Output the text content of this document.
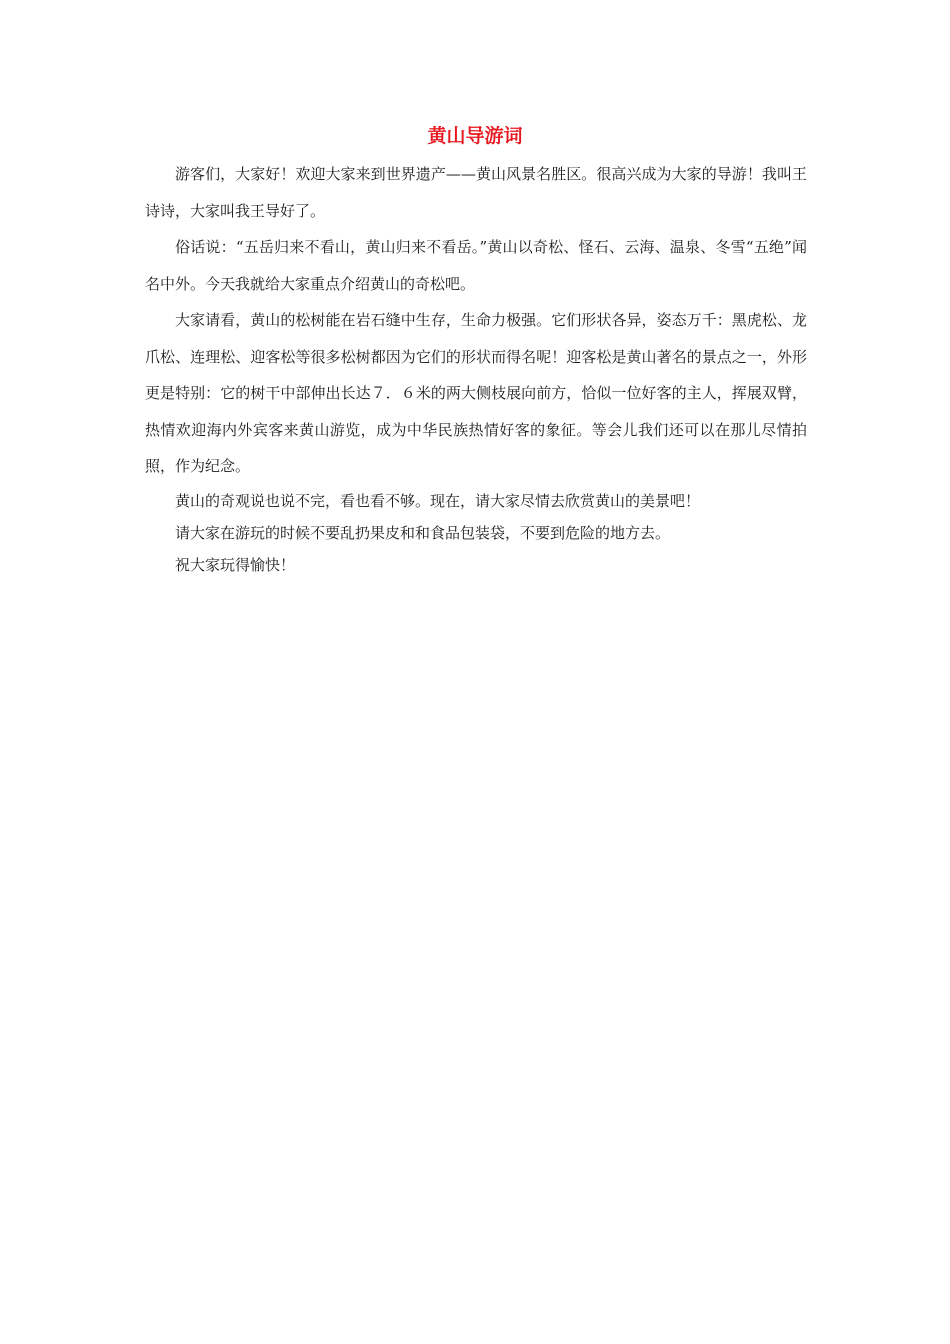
黄山导游词

游客们，大家好！欢迎大家来到世界遗产——黄山风景名胜区。很高兴成为大家的导游！我叫王诗诗，大家叫我王导好了。

俗话说：“五岳归来不看山，黄山归来不看岳。”黄山以奇松、怪石、云海、温泉、冬雪“五绝”闻名中外。今天我就给大家重点介绍黄山的奇松吧。

大家请看，黄山的松树能在岩石缝中生存，生命力极强。它们形状各异，姿态万千：黑虎松、龙爪松、连理松、迎客松等很多松树都因为它们的形状而得名呢！迎客松是黄山著名的景点之一，外形更是特别：它的树干中部伸出长达７．６米的两大侧枝展向前方，恰似一位好客的主人，挥展双臂，热情欢迎海内外宾客来黄山游览，成为中华民族热情好客的象征。等会儿我们还可以在那儿尽情拍照，作为纪念。

黄山的奇观说也说不完，看也看不够。现在，请大家尽情去欣赏黄山的美景吧！

请大家在游玩的时候不要乱扔果皮和和食品包装袋，不要到危险的地方去。

祝大家玩得愉快！
